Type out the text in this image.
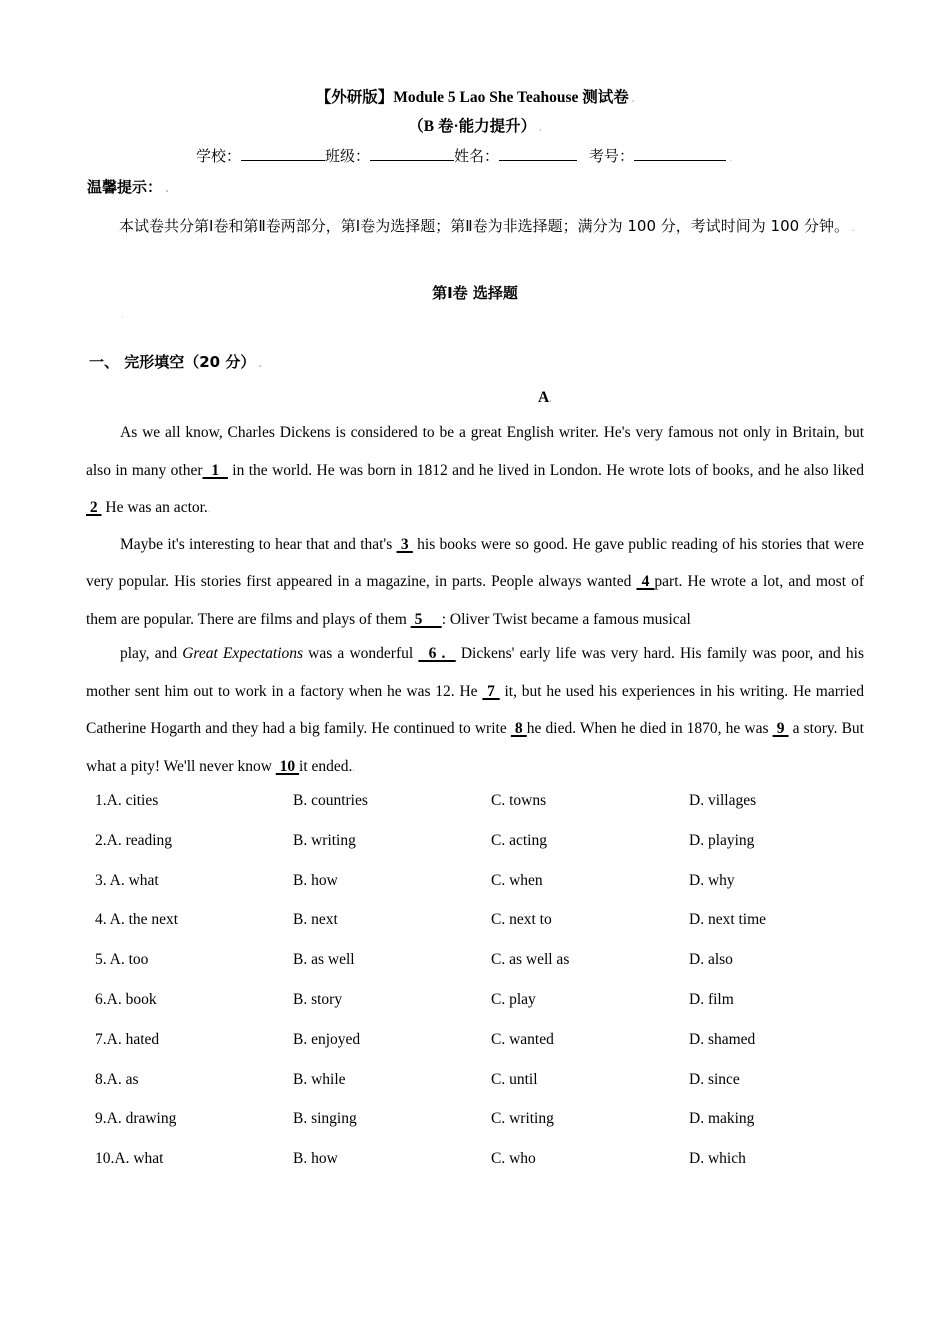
【外研版】Module 5 Lao She Teahouse 测试卷 .
（B 卷·能力提升） .
学校：	班级：	姓名：	考号：	.
温馨提示： .
本试卷共分第Ⅰ卷和第Ⅱ卷两部分，第Ⅰ卷为选择题；第Ⅱ卷为非选择题；满分为 100 分，考试时间为 100 分钟。 .
第Ⅰ卷 选择题
·
一、 完形填空（20 分） .
A.

As we all know, Charles Dickens is considered to be a great English writer. He's very famous not only in Britain, but also in many other  1   in the world. He was born in 1812 and he lived in London. He wrote lots of books, and he also liked  2  He was an actor..

Maybe it's interesting to hear that and that's  3  his books were so good. He gave public reading of his stories that were very popular. His stories first appeared in a magazine, in parts. People always wanted  4 part. He wrote a lot, and most of them are popular. There are films and plays of them  5     : Oliver Twist became a famous musical

play, and Great Expectations was a wonderful   6 .   Dickens' early life was very hard. His family was poor, and his mother sent him out to work in a factory when he was 12. He  7  it, but he used his experiences in his writing. He married Catherine Hogarth and they had a big family. He continued to write  8 he died. When he died in 1870, he was  9  a story. But what a pity! We'll never know  10 it ended..

1.A. cities	B. countries	C. towns	D. villages
2.A. reading	B. writing	C. acting	D. playing
3. A. what	B. how	C. when	D. why
4. A. the next	B. next	C. next to	D. next time
5. A. too	B. as well	C. as well as	D. also
6.A. book	B. story	C. play	D. film
7.A. hated	B. enjoyed	C. wanted	D. shamed
8.A. as	B. while	C. until	D. since
9.A. drawing	B. singing	C. writing	D. making
10.A. what	B. how	C. who	D. which
